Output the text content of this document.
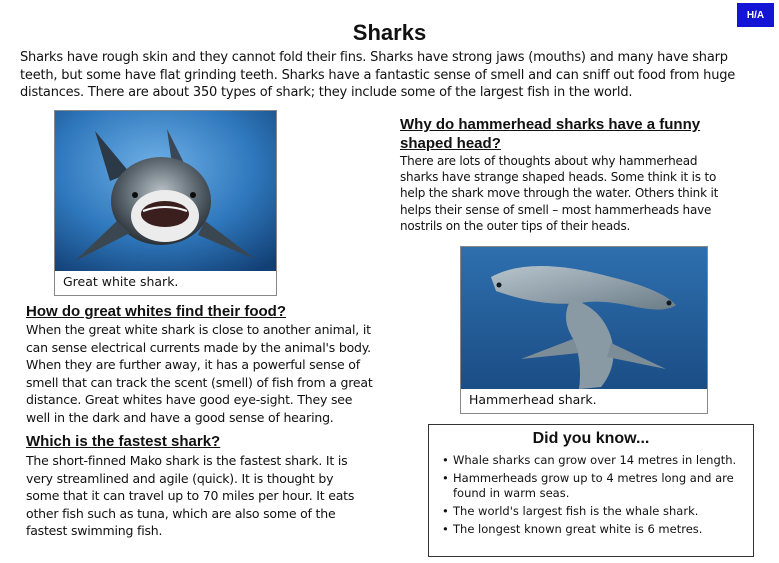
H/A
Sharks
Sharks have rough skin and they cannot fold their fins. Sharks have strong jaws (mouths) and many have sharp teeth, but some have flat grinding teeth. Sharks have a fantastic sense of smell and can sniff out food from huge distances. There are about 350 types of shark; they include some of the largest fish in the world.
Great white shark.
How do great whites find their food?
When the great white shark is close to another animal, it can sense electrical currents made by the animal's body. When they are further away, it has a powerful sense of smell that can track the scent (smell) of fish from a great distance. Great whites have good eye-sight. They see well in the dark and have a good sense of hearing.
Which is the fastest shark?
The short-finned Mako shark is the fastest shark. It is very streamlined and agile (quick). It is thought by some that it can travel up to 70 miles per hour. It eats other fish such as tuna, which are also some of the fastest swimming fish.
Why do hammerhead sharks have a funny shaped head?
There are lots of thoughts about why hammerhead sharks have strange shaped heads. Some think it is to help the shark move through the water. Others think it helps their sense of smell – most hammerheads have nostrils on the outer tips of their heads.
Hammerhead shark.
Did you know...
• Whale sharks can grow over 14 metres in length.
• Hammerheads grow up to 4 metres long and are found in warm seas.
• The world's largest fish is the whale shark.
• The longest known great white is 6 metres.
